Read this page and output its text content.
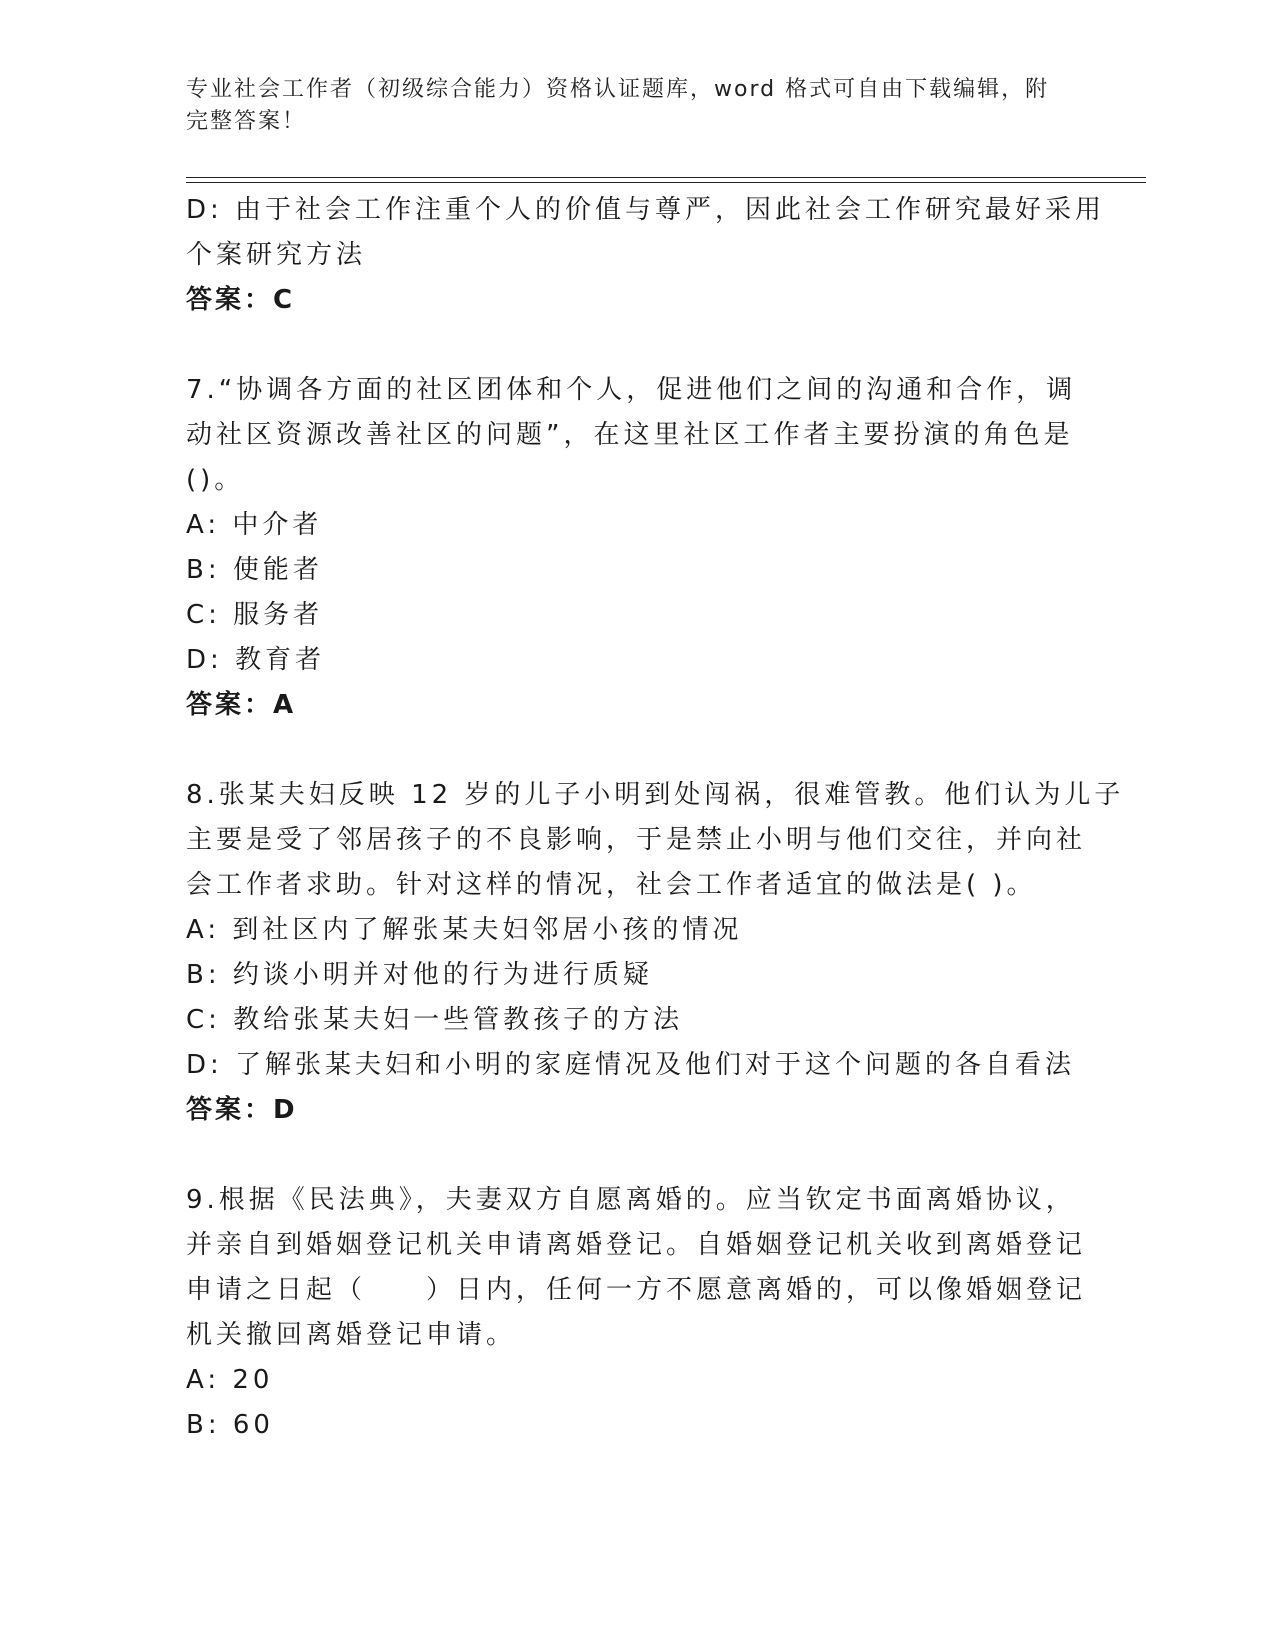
专业社会工作者（初级综合能力）资格认证题库，word 格式可自由下载编辑，附
完整答案！
D: 由于社会工作注重个人的价值与尊严，因此社会工作研究最好采用
个案研究方法
答案：C
7.“协调各方面的社区团体和个人，促进他们之间的沟通和合作，调
动社区资源改善社区的问题”，在这里社区工作者主要扮演的角色是
()。
A: 中介者
B: 使能者
C: 服务者
D: 教育者
答案：A
8.张某夫妇反映 12 岁的儿子小明到处闯祸，很难管教。他们认为儿子
主要是受了邻居孩子的不良影响，于是禁止小明与他们交往，并向社
会工作者求助。针对这样的情况，社会工作者适宜的做法是( )。
A: 到社区内了解张某夫妇邻居小孩的情况
B: 约谈小明并对他的行为进行质疑
C: 教给张某夫妇一些管教孩子的方法
D: 了解张某夫妇和小明的家庭情况及他们对于这个问题的各自看法
答案：D
9.根据《民法典》，夫妻双方自愿离婚的。应当钦定书面离婚协议，
并亲自到婚姻登记机关申请离婚登记。自婚姻登记机关收到离婚登记
申请之日起（　　）日内，任何一方不愿意离婚的，可以像婚姻登记
机关撤回离婚登记申请。
A: 20
B: 60
